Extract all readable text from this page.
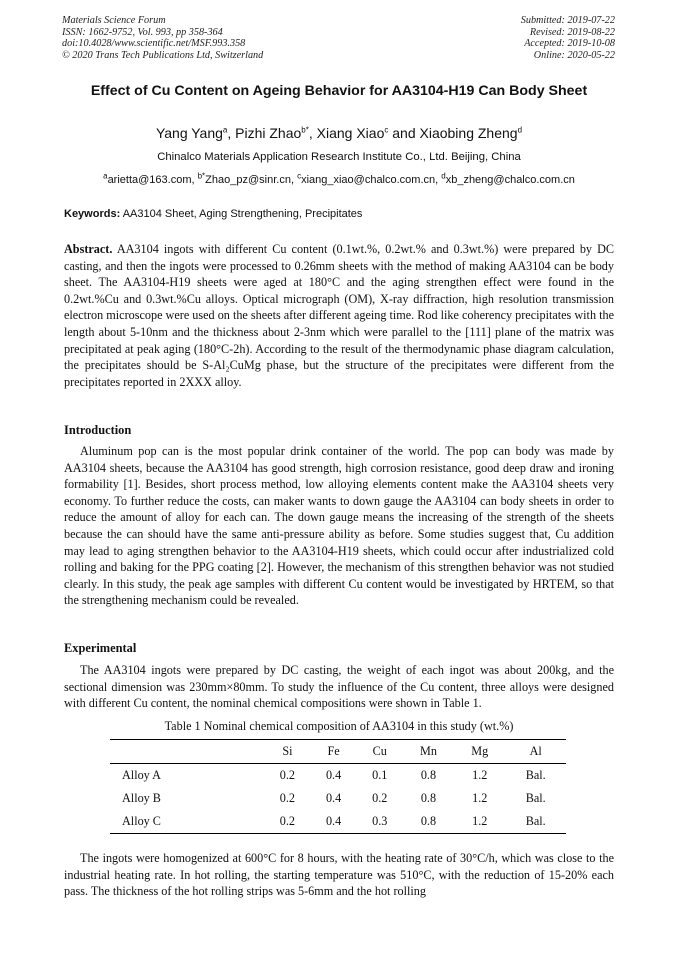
Materials Science Forum
ISSN: 1662-9752, Vol. 993, pp 358-364
doi:10.4028/www.scientific.net/MSF.993.358
© 2020 Trans Tech Publications Ltd, Switzerland
Submitted: 2019-07-22
Revised: 2019-08-22
Accepted: 2019-10-08
Online: 2020-05-22
Effect of Cu Content on Ageing Behavior for AA3104-H19 Can Body Sheet
Yang Yang$^a$, Pizhi Zhao$^{b*}$, Xiang Xiao$^c$ and Xiaobing Zheng$^d$
Chinalco Materials Application Research Institute Co., Ltd. Beijing, China
$^a$arietta@163.com, $^{b*}$Zhao_pz@sinr.cn, $^c$xiang_xiao@chalco.com.cn, $^d$xb_zheng@chalco.com.cn
Keywords: AA3104 Sheet, Aging Strengthening, Precipitates

Abstract. AA3104 ingots with different Cu content (0.1wt.%, 0.2wt.% and 0.3wt.%) were prepared by DC casting, and then the ingots were processed to 0.26mm sheets with the method of making AA3104 can be body sheet. The AA3104-H19 sheets were aged at 180°C and the aging strengthen effect were found in the 0.2wt.%Cu and 0.3wt.%Cu alloys. Optical micrograph (OM), X-ray diffraction, high resolution transmission electron microscope were used on the sheets after different ageing time. Rod like coherency precipitates with the length about 5-10nm and the thickness about 2-3nm which were parallel to the [111] plane of the matrix was precipitated at peak aging (180°C-2h). According to the result of the thermodynamic phase diagram calculation, the precipitates should be S-Al₂CuMg phase, but the structure of the precipitates were different from the precipitates reported in 2XXX alloy.

Introduction

Aluminum pop can is the most popular drink container of the world. The pop can body was made by AA3104 sheets, because the AA3104 has good strength, high corrosion resistance, good deep draw and ironing formability [1]. Besides, short process method, low alloying elements content make the AA3104 sheets very economy. To further reduce the costs, can maker wants to down gauge the AA3104 can body sheets in order to reduce the amount of alloy for each can. The down gauge means the increasing of the strength of the sheets because the can should have the same anti-pressure ability as before. Some studies suggest that, Cu addition may lead to aging strengthen behavior to the AA3104-H19 sheets, which could occur after industrialized cold rolling and baking for the PPG coating [2]. However, the mechanism of this strengthen behavior was not studied clearly. In this study, the peak age samples with different Cu content would be investigated by HRTEM, so that the strengthening mechanism could be revealed.

Experimental

The AA3104 ingots were prepared by DC casting, the weight of each ingot was about 200kg, and the sectional dimension was 230mm×80mm. To study the influence of the Cu content, three alloys were designed with different Cu content, the nominal chemical compositions were shown in Table 1.

Table 1 Nominal chemical composition of AA3104 in this study (wt.%)
	Si	Fe	Cu	Mn	Mg	Al
Alloy A	0.2	0.4	0.1	0.8	1.2	Bal.
Alloy B	0.2	0.4	0.2	0.8	1.2	Bal.
Alloy C	0.2	0.4	0.3	0.8	1.2	Bal.

The ingots were homogenized at 600°C for 8 hours, with the heating rate of 30°C/h, which was close to the industrial heating rate. In hot rolling, the starting temperature was 510°C, with the reduction of 15-20% each pass. The thickness of the hot rolling strips was 5-6mm and the hot rolling
